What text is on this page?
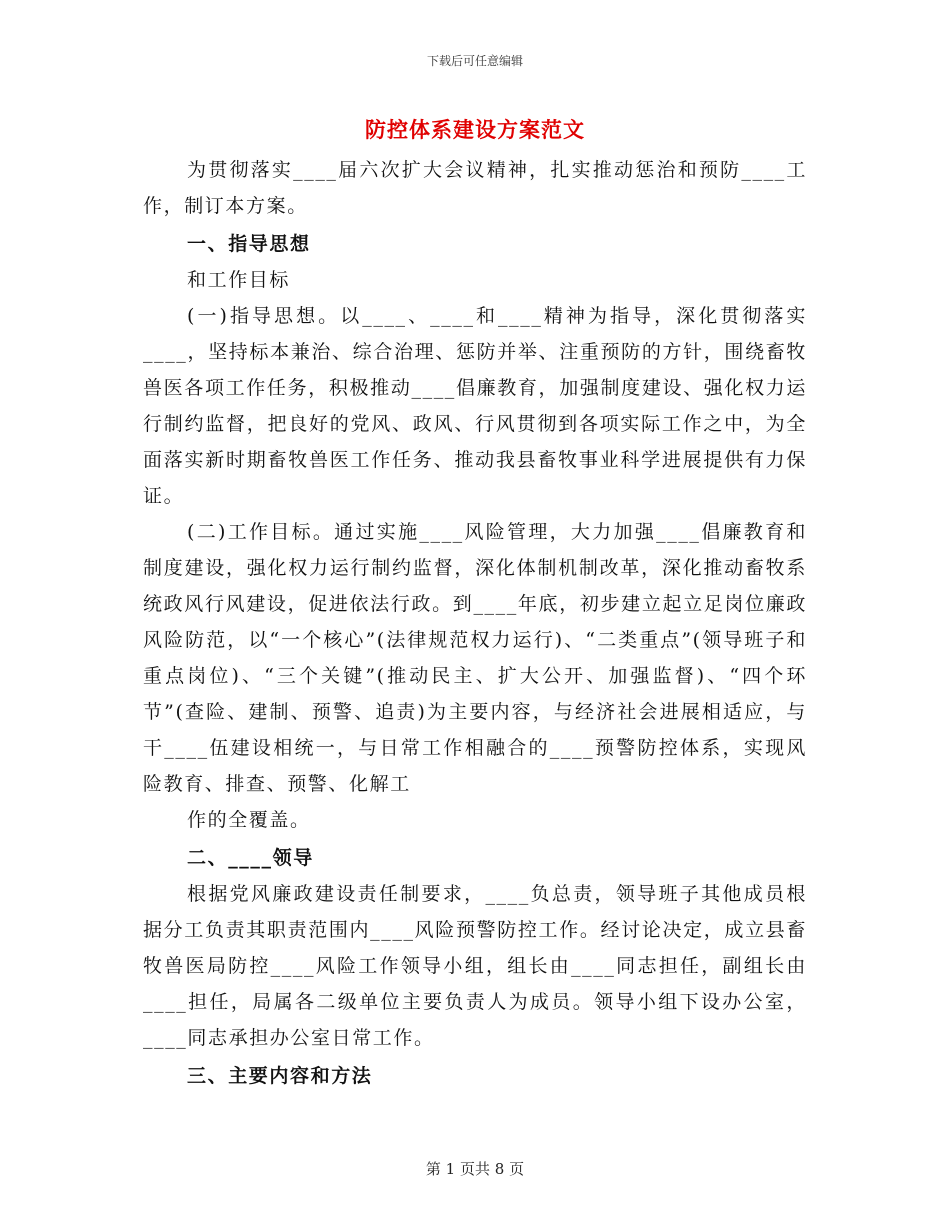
下载后可任意编辑
防控体系建设方案范文

为贯彻落实____届六次扩大会议精神，扎实推动惩治和预防____工作，制订本方案。

一、指导思想

和工作目标

(一)指导思想。以____、____和____精神为指导，深化贯彻落实____，坚持标本兼治、综合治理、惩防并举、注重预防的方针，围绕畜牧兽医各项工作任务，积极推动____倡廉教育，加强制度建设、强化权力运行制约监督，把良好的党风、政风、行风贯彻到各项实际工作之中，为全面落实新时期畜牧兽医工作任务、推动我县畜牧事业科学进展提供有力保证。

(二)工作目标。通过实施____风险管理，大力加强____倡廉教育和制度建设，强化权力运行制约监督，深化体制机制改革，深化推动畜牧系统政风行风建设，促进依法行政。到____年底，初步建立起立足岗位廉政风险防范，以“一个核心”(法律规范权力运行)、“二类重点”(领导班子和重点岗位)、“三个关键”(推动民主、扩大公开、加强监督)、“四个环节”(查险、建制、预警、追责)为主要内容，与经济社会进展相适应，与干____伍建设相统一，与日常工作相融合的____预警防控体系，实现风险教育、排查、预警、化解工

作的全覆盖。

二、____领导

根据党风廉政建设责任制要求，____负总责，领导班子其他成员根据分工负责其职责范围内____风险预警防控工作。经讨论决定，成立县畜牧兽医局防控____风险工作领导小组，组长由____同志担任，副组长由____担任，局属各二级单位主要负责人为成员。领导小组下设办公室，____同志承担办公室日常工作。

三、主要内容和方法

第 1 页共 8 页
